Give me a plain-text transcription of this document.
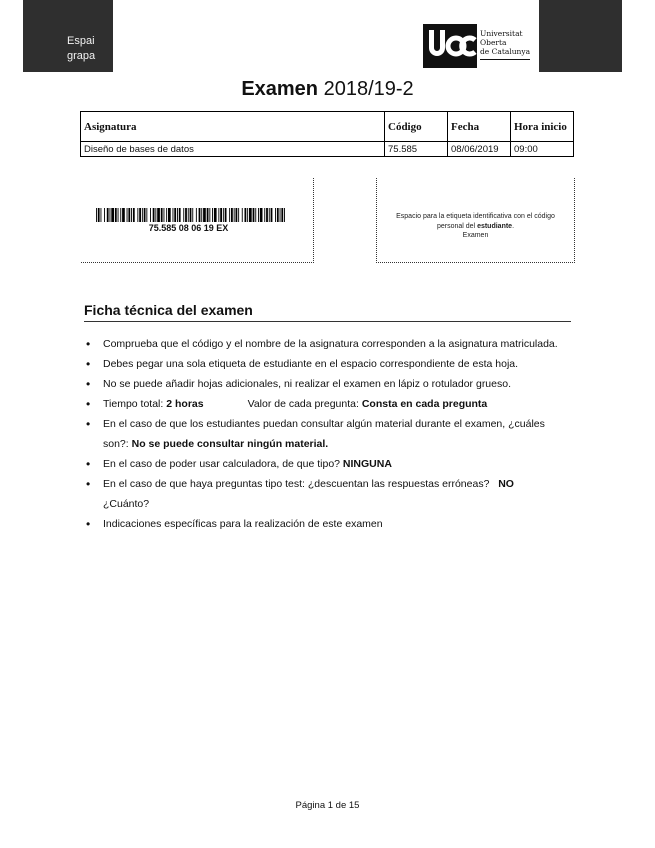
Espai
grapa
Universitat
Oberta
de Catalunya
Examen 2018/19-2
Asignatura	Código	Fecha	Hora inicio
Diseño de bases de datos	75.585	08/06/2019	09:00
75.585 08 06 19 EX
Espacio para la etiqueta identificativa con el código
personal del estudiante.
Examen
Ficha técnica del examen
• Comprueba que el código y el nombre de la asignatura corresponden a la asignatura matriculada.
• Debes pegar una sola etiqueta de estudiante en el espacio correspondiente de esta hoja.
• No se puede añadir hojas adicionales, ni realizar el examen en lápiz o rotulador grueso.
• Tiempo total: 2 horas	Valor de cada pregunta: Consta en cada pregunta
• En el caso de que los estudiantes puedan consultar algún material durante el examen, ¿cuáles son?: No se puede consultar ningún material.
• En el caso de poder usar calculadora, de que tipo? NINGUNA
• En el caso de que haya preguntas tipo test: ¿descuentan las respuestas erróneas? NO
¿Cuánto?
• Indicaciones específicas para la realización de este examen
Página 1 de 15
